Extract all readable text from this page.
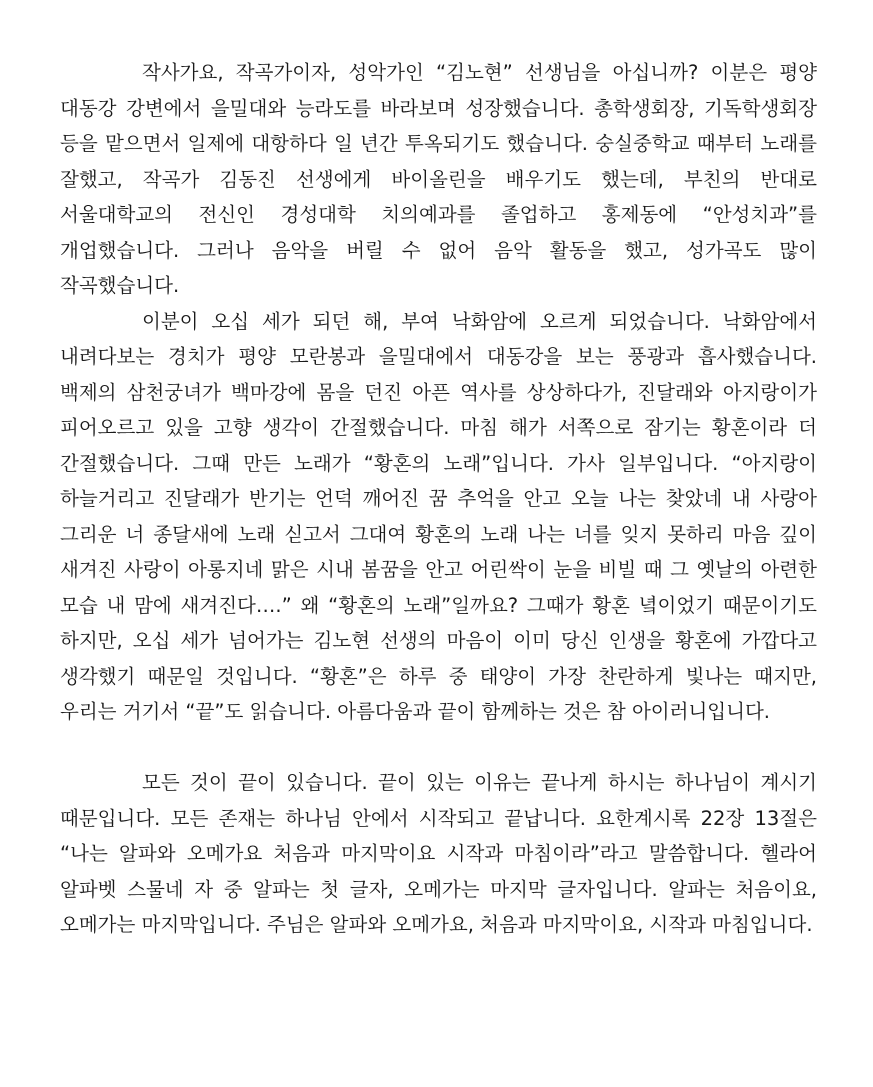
작사가요, 작곡가이자, 성악가인 “김노현” 선생님을 아십니까? 이분은 평양 대동강 강변에서 을밀대와 능라도를 바라보며 성장했습니다. 총학생회장, 기독학생회장 등을 맡으면서 일제에 대항하다 일 년간 투옥되기도 했습니다. 숭실중학교 때부터 노래를 잘했고, 작곡가 김동진 선생에게 바이올린을 배우기도 했는데, 부친의 반대로 서울대학교의 전신인 경성대학 치의예과를 졸업하고 홍제동에 “안성치과”를 개업했습니다. 그러나 음악을 버릴 수 없어 음악 활동을 했고, 성가곡도 많이 작곡했습니다.

이분이 오십 세가 되던 해, 부여 낙화암에 오르게 되었습니다. 낙화암에서 내려다보는 경치가 평양 모란봉과 을밀대에서 대동강을 보는 풍광과 흡사했습니다. 백제의 삼천궁녀가 백마강에 몸을 던진 아픈 역사를 상상하다가, 진달래와 아지랑이가 피어오르고 있을 고향 생각이 간절했습니다. 마침 해가 서쪽으로 잠기는 황혼이라 더 간절했습니다. 그때 만든 노래가 “황혼의 노래”입니다. 가사 일부입니다. “아지랑이 하늘거리고 진달래가 반기는 언덕 깨어진 꿈 추억을 안고 오늘 나는 찾았네 내 사랑아 그리운 너 종달새에 노래 싣고서 그대여 황혼의 노래 나는 너를 잊지 못하리 마음 깊이 새겨진 사랑이 아롱지네 맑은 시내 봄꿈을 안고 어린싹이 눈을 비빌 때 그 옛날의 아련한 모습 내 맘에 새겨진다….” 왜 “황혼의 노래”일까요? 그때가 황혼 녘이었기 때문이기도 하지만, 오십 세가 넘어가는 김노현 선생의 마음이 이미 당신 인생을 황혼에 가깝다고 생각했기 때문일 것입니다. “황혼”은 하루 중 태양이 가장 찬란하게 빛나는 때지만, 우리는 거기서 “끝”도 읽습니다. 아름다움과 끝이 함께하는 것은 참 아이러니입니다.

모든 것이 끝이 있습니다. 끝이 있는 이유는 끝나게 하시는 하나님이 계시기 때문입니다. 모든 존재는 하나님 안에서 시작되고 끝납니다. 요한계시록 22장 13절은 “나는 알파와 오메가요 처음과 마지막이요 시작과 마침이라”라고 말씀합니다. 헬라어 알파벳 스물네 자 중 알파는 첫 글자, 오메가는 마지막 글자입니다. 알파는 처음이요, 오메가는 마지막입니다. 주님은 알파와 오메가요, 처음과 마지막이요, 시작과 마침입니다.
